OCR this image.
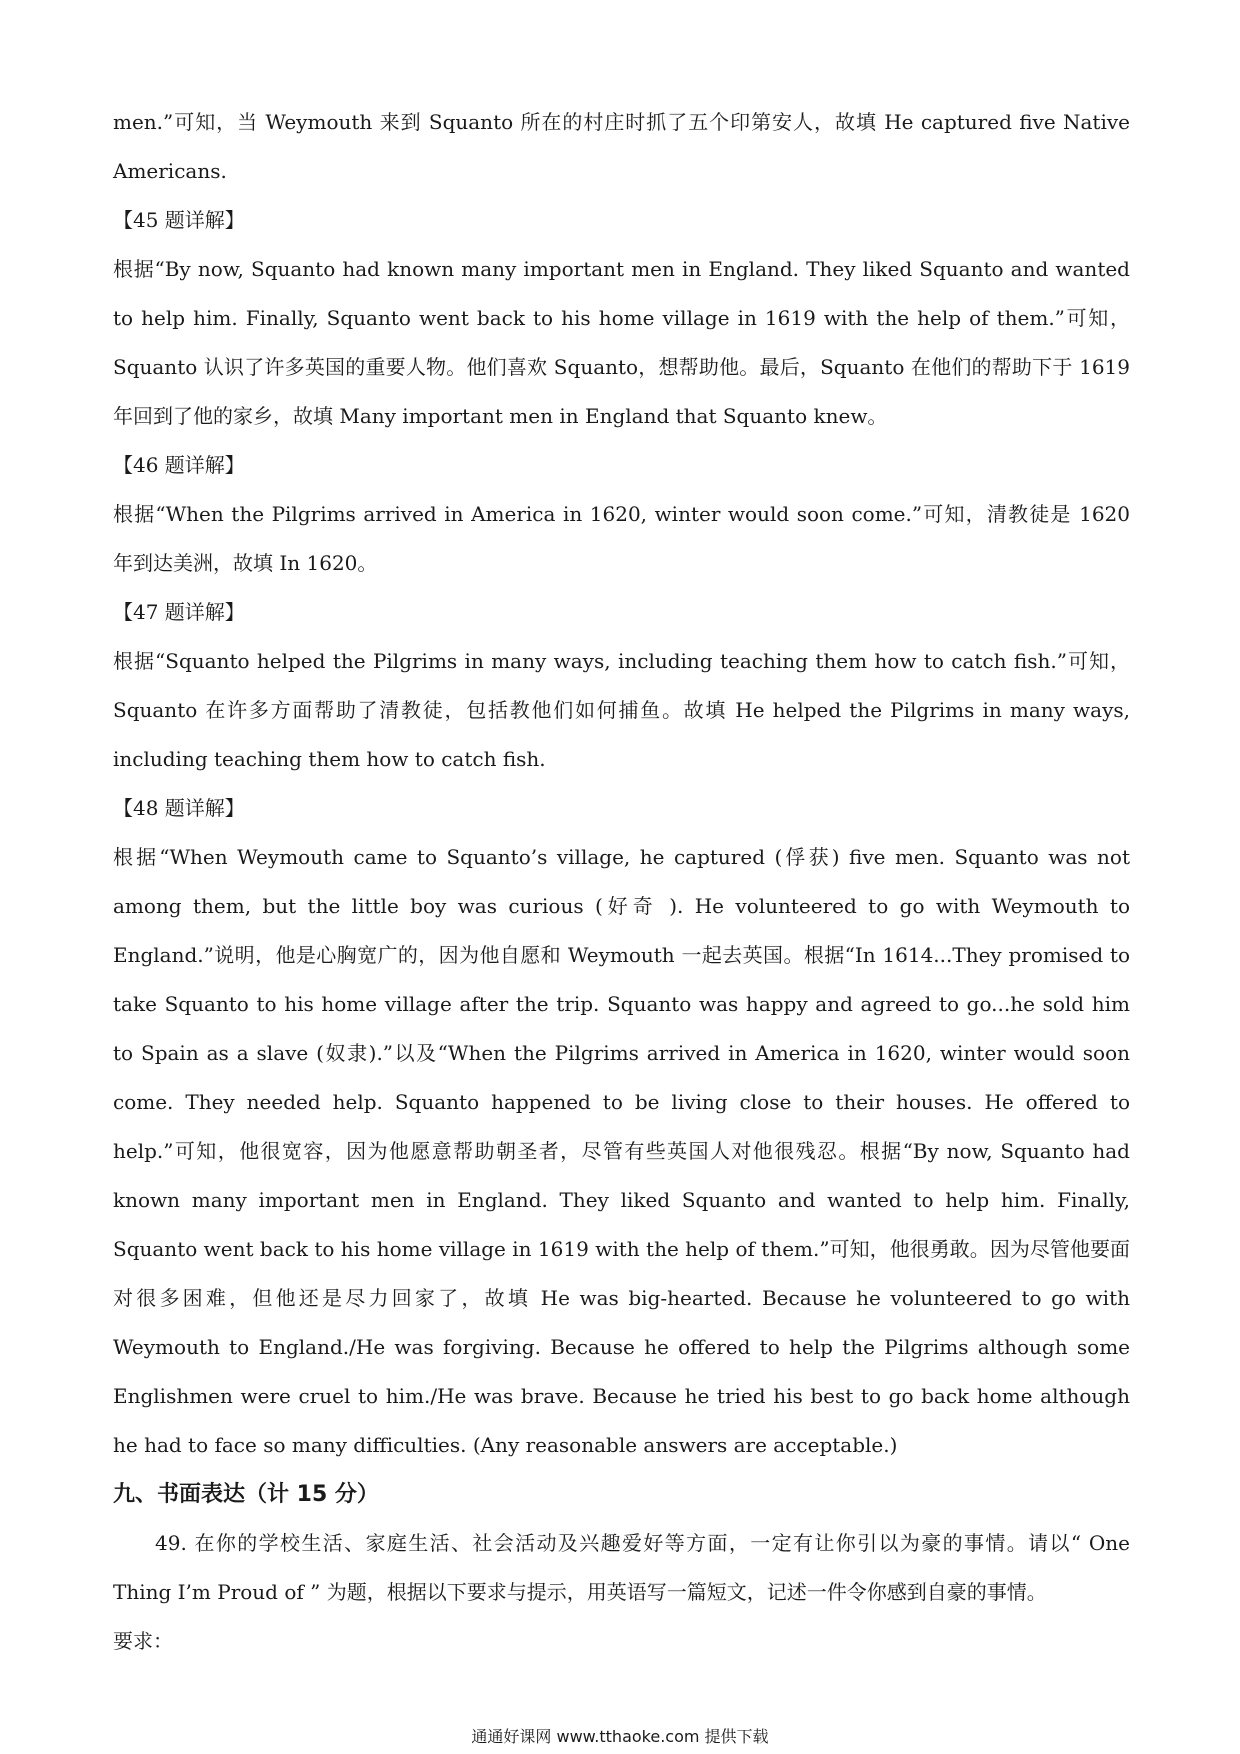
men.”可知，当 Weymouth 来到 Squanto 所在的村庄时抓了五个印第安人，故填 He captured five Native Americans.

【45 题详解】

根据“By now, Squanto had known many important men in England. They liked Squanto and wanted to help him. Finally, Squanto went back to his home village in 1619 with the help of them.”可知，Squanto 认识了许多英国的重要人物。他们喜欢 Squanto，想帮助他。最后，Squanto 在他们的帮助下于 1619 年回到了他的家乡，故填 Many important men in England that Squanto knew。

【46 题详解】

根据“When the Pilgrims arrived in America in 1620, winter would soon come.”可知，清教徒是 1620 年到达美洲，故填 In 1620。

【47 题详解】

根据“Squanto helped the Pilgrims in many ways, including teaching them how to catch fish.”可知，Squanto 在许多方面帮助了清教徒，包括教他们如何捕鱼。故填 He helped the Pilgrims in many ways, including teaching them how to catch fish.

【48 题详解】

根据“When Weymouth came to Squanto’s village, he captured (俘获) five men. Squanto was not among them, but the little boy was curious (好奇 ). He volunteered to go with Weymouth to England.”说明，他是心胸宽广的，因为他自愿和 Weymouth 一起去英国。根据“In 1614...They promised to take Squanto to his home village after the trip. Squanto was happy and agreed to go...he sold him to Spain as a slave (奴隶).”以及“When the Pilgrims arrived in America in 1620, winter would soon come. They needed help. Squanto happened to be living close to their houses. He offered to help.”可知，他很宽容，因为他愿意帮助朝圣者，尽管有些英国人对他很残忍。根据“By now, Squanto had known many important men in England. They liked Squanto and wanted to help him. Finally, Squanto went back to his home village in 1619 with the help of them.”可知，他很勇敢。因为尽管他要面对很多困难，但他还是尽力回家了，故填 He was big-hearted. Because he volunteered to go with Weymouth to England./He was forgiving. Because he offered to help the Pilgrims although some Englishmen were cruel to him./He was brave. Because he tried his best to go back home although he had to face so many difficulties. (Any reasonable answers are acceptable.)

九、书面表达（计 15 分）

49. 在你的学校生活、家庭生活、社会活动及兴趣爱好等方面，一定有让你引以为豪的事情。请以“ One Thing I’m Proud of ” 为题，根据以下要求与提示，用英语写一篇短文，记述一件令你感到自豪的事情。

要求：

通通好课网 www.tthaoke.com 提供下载
